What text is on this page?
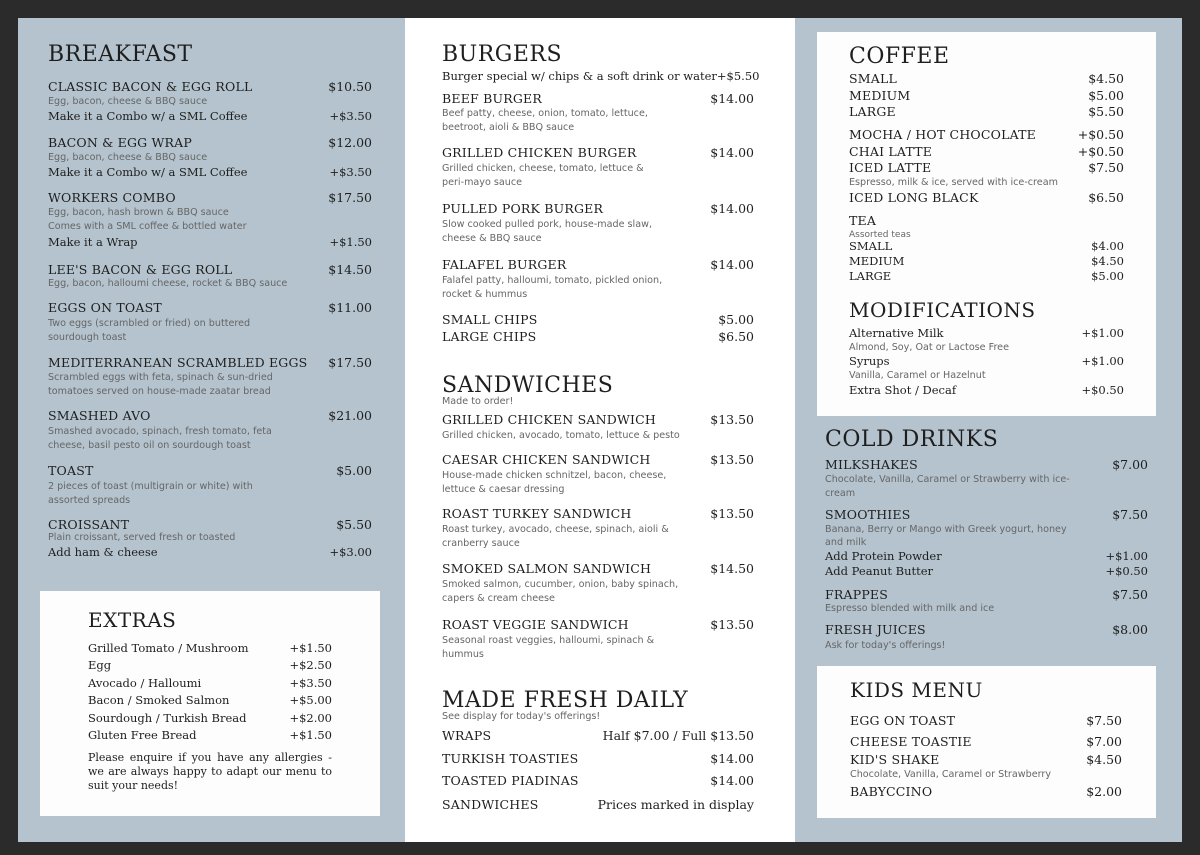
BREAKFAST
CLASSIC BACON & EGG ROLL	$10.50
Egg, bacon, cheese & BBQ sauce
Make it a Combo w/ a SML Coffee	+$3.50
BACON & EGG WRAP	$12.00
Egg, bacon, cheese & BBQ sauce
Make it a Combo w/ a SML Coffee	+$3.50
WORKERS COMBO	$17.50
Egg, bacon, hash brown & BBQ sauce
Comes with a SML coffee & bottled water
Make it a Wrap	+$1.50
LEE'S BACON & EGG ROLL	$14.50
Egg, bacon, halloumi cheese, rocket & BBQ sauce
EGGS ON TOAST	$11.00
Two eggs (scrambled or fried) on buttered
sourdough toast
MEDITERRANEAN SCRAMBLED EGGS $17.50
Scrambled eggs with feta, spinach & sun-dried
tomatoes served on house-made zaatar bread
SMASHED AVO	$21.00
Smashed avocado, spinach, fresh tomato, feta
cheese, basil pesto oil on sourdough toast
TOAST	$5.00
2 pieces of toast (multigrain or white) with
assorted spreads
CROISSANT	$5.50
Plain croissant, served fresh or toasted
Add ham & cheese	+$3.00
EXTRAS
Grilled Tomato / Mushroom	+$1.50
Egg	+$2.50
Avocado / Halloumi	+$3.50
Bacon / Smoked Salmon	+$5.00
Sourdough / Turkish Bread	+$2.00
Gluten Free Bread	+$1.50
Please enquire if you have any allergies - we are always happy to adapt our menu to suit your needs!
BURGERS
Burger special w/ chips & a soft drink or water +$5.50
BEEF BURGER	$14.00
Beef patty, cheese, onion, tomato, lettuce,
beetroot, aioli & BBQ sauce
GRILLED CHICKEN BURGER	$14.00
Grilled chicken, cheese, tomato, lettuce &
peri-mayo sauce
PULLED PORK BURGER	$14.00
Slow cooked pulled pork, house-made slaw,
cheese & BBQ sauce
FALAFEL BURGER	$14.00
Falafel patty, halloumi, tomato, pickled onion,
rocket & hummus
SMALL CHIPS	$5.00
LARGE CHIPS	$6.50
SANDWICHES
Made to order!
GRILLED CHICKEN SANDWICH	$13.50
Grilled chicken, avocado, tomato, lettuce & pesto
CAESAR CHICKEN SANDWICH	$13.50
House-made chicken schnitzel, bacon, cheese,
lettuce & caesar dressing
ROAST TURKEY SANDWICH	$13.50
Roast turkey, avocado, cheese, spinach, aioli &
cranberry sauce
SMOKED SALMON SANDWICH	$14.50
Smoked salmon, cucumber, onion, baby spinach,
capers & cream cheese
ROAST VEGGIE SANDWICH	$13.50
Seasonal roast veggies, halloumi, spinach &
hummus
MADE FRESH DAILY
See display for today's offerings!
WRAPS	Half $7.00 / Full $13.50
TURKISH TOASTIES	$14.00
TOASTED PIADINAS	$14.00
SANDWICHES	Prices marked in display
COFFEE
SMALL	$4.50
MEDIUM	$5.00
LARGE	$5.50
MOCHA / HOT CHOCOLATE	+$0.50
CHAI LATTE	+$0.50
ICED LATTE	$7.50
Espresso, milk & ice, served with ice-cream
ICED LONG BLACK	$6.50
TEA
Assorted teas
SMALL	$4.00
MEDIUM	$4.50
LARGE	$5.00
MODIFICATIONS
Alternative Milk	+$1.00
Almond, Soy, Oat or Lactose Free
Syrups	+$1.00
Vanilla, Caramel or Hazelnut
Extra Shot / Decaf	+$0.50
COLD DRINKS
MILKSHAKES	$7.00
Chocolate, Vanilla, Caramel or Strawberry with ice-
cream
SMOOTHIES	$7.50
Banana, Berry or Mango with Greek yogurt, honey
and milk
Add Protein Powder	+$1.00
Add Peanut Butter	+$0.50
FRAPPES	$7.50
Espresso blended with milk and ice
FRESH JUICES	$8.00
Ask for today's offerings!
KIDS MENU
EGG ON TOAST	$7.50
CHEESE TOASTIE	$7.00
KID'S SHAKE	$4.50
Chocolate, Vanilla, Caramel or Strawberry
BABYCCINO	$2.00
